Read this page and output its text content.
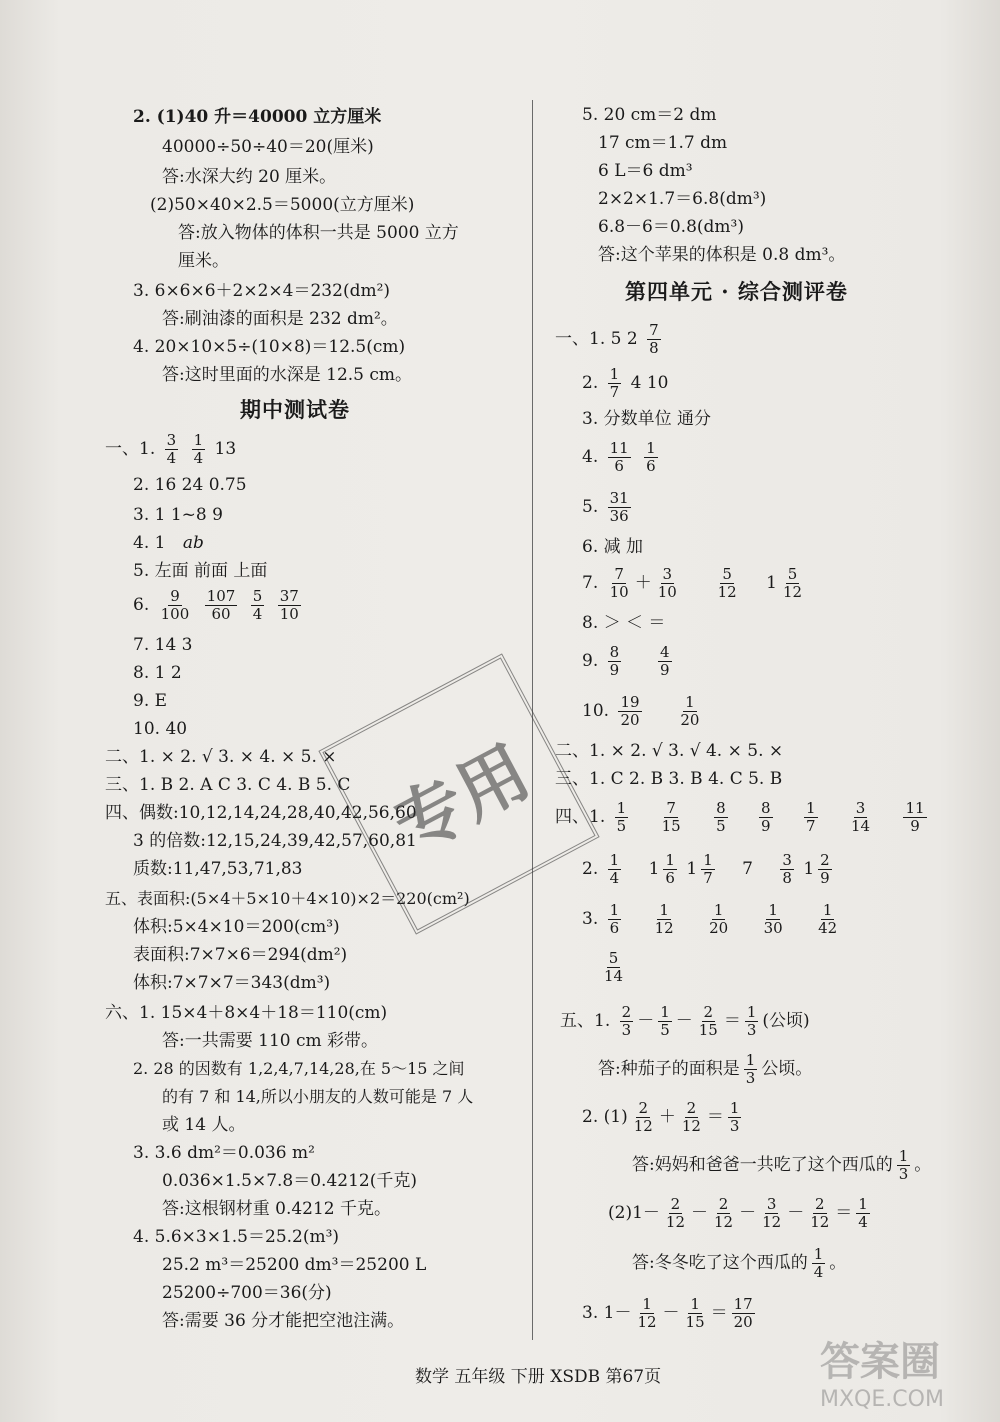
2. (1)40 升＝40000 立方厘米
40000÷50÷40＝20(厘米)
答:水深大约 20 厘米。
(2)50×40×2.5＝5000(立方厘米)
答:放入物体的体积一共是 5000 立方
厘米。
3. 6×6×6＋2×2×4＝232(dm²)
答:刷油漆的面积是 232 dm²。
4. 20×10×5÷(10×8)＝12.5(cm)
答:这时里面的水深是 12.5 cm。
期中测试卷
一、1. $\frac{3}{4}$
$\frac{1}{4} 13$
2. 16 24 0.75
3. 1 1~8 9
4. 1 ab
5. 左面 前面 上面
6. $\frac{9}{100}$
$\frac{107}{60}$
$\frac{5}{4}$
$\frac{37}{10}$
7. 14 3
8. 1 2
9. E
10. 40
二、1. × 2. √ 3. × 4. × 5. ×
三、1. B 2. A C 3. C 4. B 5. C
四、偶数:10,12,14,24,28,40,42,56,60
3 的倍数:12,15,24,39,42,57,60,81
质数:11,47,53,71,83
五、表面积:(5×4＋5×10＋4×10)×2＝220(cm²)
体积:5×4×10＝200(cm³)
表面积:7×7×6＝294(dm²)
体积:7×7×7＝343(dm³)
六、1. 15×4＋8×4＋18＝110(cm)
答:一共需要 110 cm 彩带。
2. 28 的因数有 1,2,4,7,14,28,在 5～15 之间
的有 7 和 14,所以小朋友的人数可能是 7 人
或 14 人。
3. 3.6 dm²＝0.036 m²
0.036×1.5×7.8＝0.4212(千克)
答:这根钢材重 0.4212 千克。
4. 5.6×3×1.5＝25.2(m³)
25.2 m³＝25200 dm³＝25200 L
25200÷700＝36(分)
答:需要 36 分才能把空池注满。
5. 20 cm＝2 dm
17 cm＝1.7 dm
6 L＝6 dm³
2×2×1.7＝6.8(dm³)
6.8－6＝0.8(dm³)
答:这个苹果的体积是 0.8 dm³。
第四单元 · 综合测评卷
一、1. 5 $2 \frac{7}{8}$
2. $\frac{1}{7} 4$ 10
3. 分数单位 通分
4. $\frac{11}{6}$
$\frac{1}{6}$
5. $\frac{31}{36}$
6. 减 加
7. $\frac{7}{10} + \frac{3}{10}$
$\frac{5}{12} 1 \frac{5}{12}$
8. ＞ ＜ ＝
9. $\frac{8}{9}$
$\frac{4}{9}$
10. $\frac{19}{20}$
$\frac{1}{20}$
二、1. × 2. √ 3. √ 4. × 5. ×
三、1. C 2. B 3. B 4. C 5. B
四、1. $\frac{1}{5}$
$\frac{7}{15}$
$\frac{8}{5}$
$\frac{8}{9}$
$\frac{1}{7}$
$\frac{3}{14}$
$\frac{11}{9}$
2. $\frac{1}{4} 1 \frac{1}{6} 1 \frac{1}{7} 7 \frac{3}{8} 1 \frac{2}{9}$
3. $\frac{1}{6}$
$\frac{1}{12}$
$\frac{1}{20}$
$\frac{1}{30}$
$\frac{1}{42}$
$\frac{5}{14}$
五、1. $\frac{2}{3} - \frac{1}{5} - \frac{2}{15} = \frac{1}{3}$ (公顷)
答:种茄子的面积是 $\frac{1}{3}$ 公顷。
2. $(1) \frac{2}{12} + \frac{2}{12} = \frac{1}{3}$
答:妈妈和爸爸一共吃了这个西瓜的 $\frac{1}{3}$ 。
$(2)1- \frac{2}{12} - \frac{2}{12} - \frac{3}{12} - \frac{2}{12} = \frac{1}{4}$
答:冬冬吃了这个西瓜的 $\frac{1}{4}$ 。
3. $1- \frac{1}{12} - \frac{1}{15} = \frac{17}{20}$
专用
数学 五年级 下册 XSDB 第67页	答案圈
MXQE.COM
